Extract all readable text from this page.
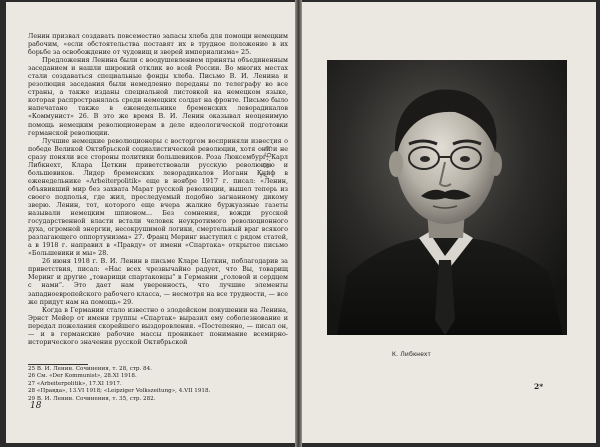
Ленин призвал создавать повсеместно запасы хлеба для помощи немецким рабочим, «если обстоятельства поставят их в трудное положение в их борьбе за освобождение от чудовищ и зверей империализма» 25.

Предложения Ленина были с воодушевлением приняты объединенным заседанием и нашли широкий отклик во всей России. Во многих местах стали создаваться специальные фонды хлеба. Письмо В. И. Ленина и резолюция заседания были немедленно переданы по телеграфу во все страны, а также изданы специальной листовкой на немецком языке, которая распространялась среди немецких солдат на фронте. Письмо было напечатано также в еженедельнике бременских леворадикалов «Коммунист» 26. В это же время В. И. Ленин оказывал неоценимую помощь немецким революционерам в деле идеологической подготовки германской революции.

Лучшие немецкие революционеры с восторгом восприняли известия о победе Великой Октябрьской социалистической революции, хотя они и не сразу поняли все стороны политики большевиков. Роза Люксембург, Карл Либкнехт, Клара Цеткин приветствовали русскую революцию и большевиков. Лидер бременских леворадикалов Иоганн Книф в еженедельнике «Arbeiterpolitik» еще в ноябре 1917 г. писал: «Ленин, объявивший мир без захвата Марат русской революции, вышел теперь из своего подполья, где жил, преследуемый подобно загнанному дикому зверю. Ленин, тот, которого еще вчера жалкие буржуазные газеты называли немецким шпионом... Без сомнения, вожди русской государственной власти встали человек неукротимого революционного духа, огромной энергии, несокрушимой логики, смертельный враг всякого разлагающего оппортунизма» 27. Франц Меринг выступил с рядом статей, а в 1918 г. направил в «Правду» от имени «Спартака» открытое письмо «Большевики и мы» 28.

26 июня 1918 г. В. И. Ленин в письме Кларе Цеткин, поблагодарив за приветствия, писал: «Нас всех чрезвычайно радует, что Вы, товарищ Меринг и другие „товарищи спартаковцы“ в Германии „головой и сердцем с нами“. Это дает нам уверенность, что лучшие элементы западноевропейского рабочего класса, — несмотря на все трудности, — все же придут нам на помощь» 29.

Когда в Германии стало известно о злодейском покушении на Ленина, Эрнст Мейер от имени группы «Спартак» выразил ему соболезнование и передал пожелания скорейшего выздоровления. «Постепенно, — писал он, — и в германские рабочие массы проникает понимание всемирно-исторического значения русской Октябрьской

25 В. И. Ленин. Сочинения, т. 28, стр. 84.
26 См. «Der Kommunist», 28.XI 1918.
27 «Arbeiterpolitik», 17.XI 1917.
28 «Правда», 13.VI 1918; «Leipziger Volkszeitung», 4.VII 1918.
29 В. И. Ленин. Сочинения, т. 35, стр. 282.
18
7.8.63.
К. Либкнехт
2*
